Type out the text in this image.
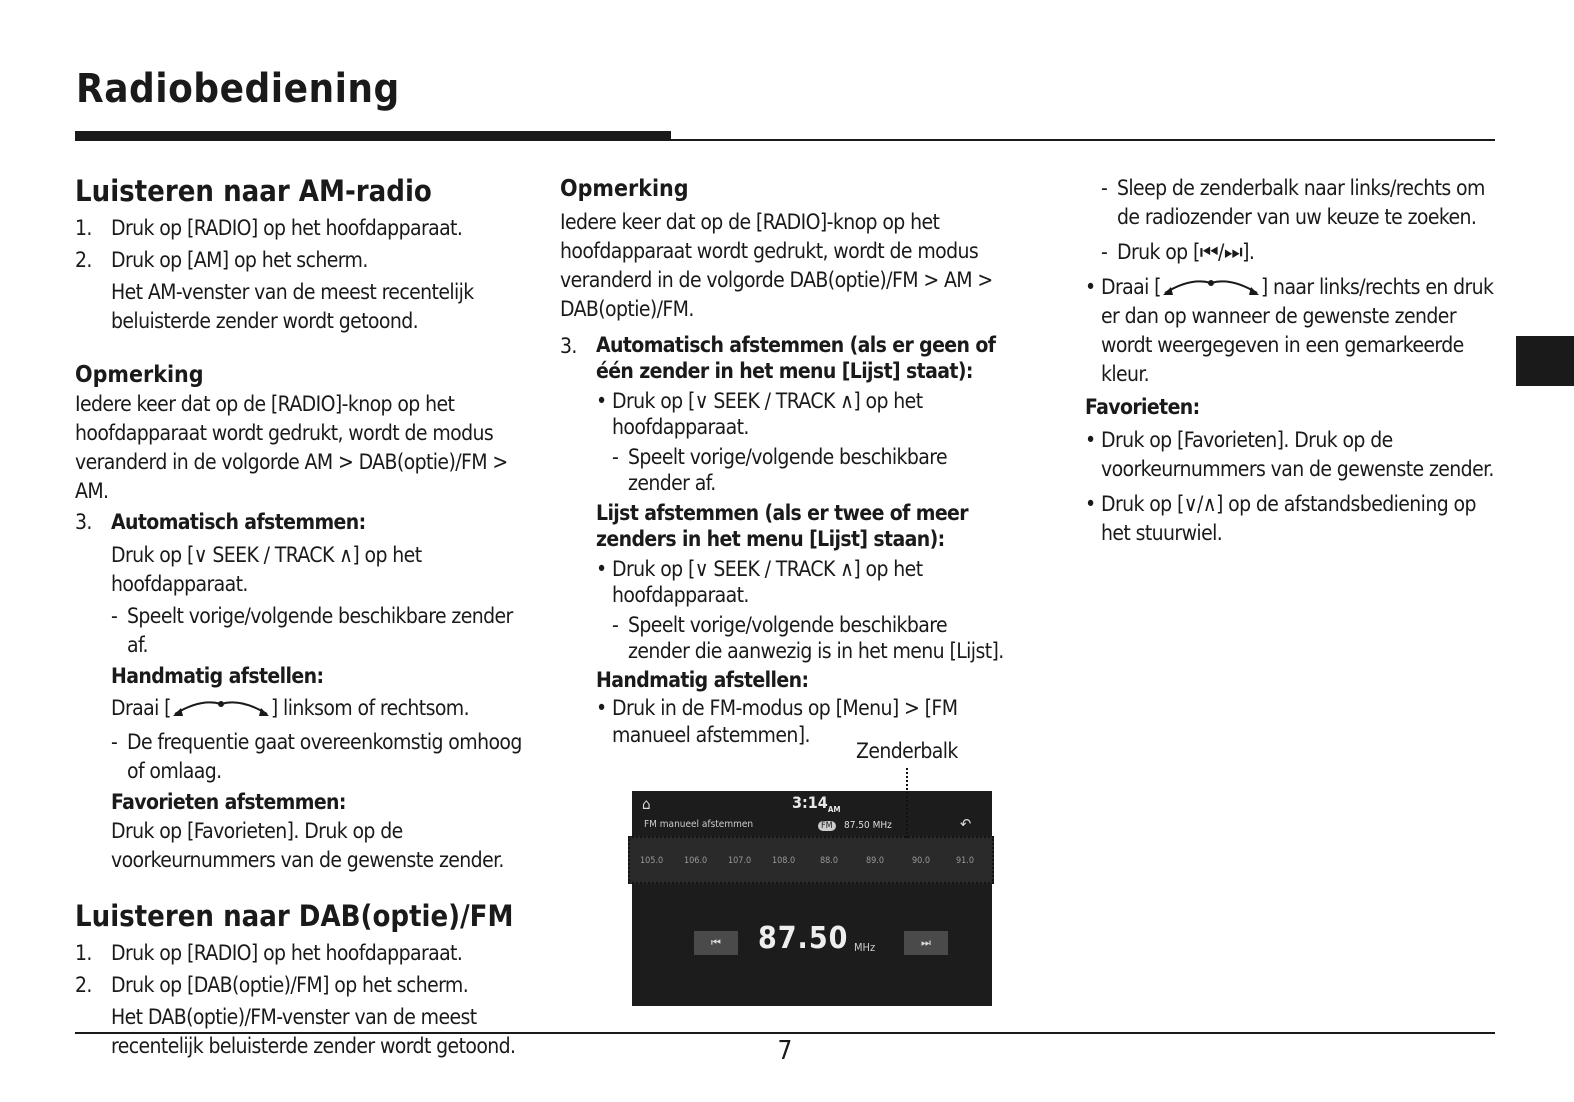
Radiobediening
Luisteren naar AM-radio
1. Druk op [RADIO] op het hoofdapparaat.
2. Druk op [AM] op het scherm.

Het AM-venster van de meest recentelijk beluisterde zender wordt getoond.

Opmerking

Iedere keer dat op de [RADIO]-knop op het hoofdapparaat wordt gedrukt, wordt de modus veranderd in de volgorde AM > DAB(optie)/FM > AM.

3. Automatisch afstemmen:

Druk op [∨ SEEK / TRACK ∧] op het hoofdapparaat.

- Speelt vorige/volgende beschikbare zender af.

Handmatig afstellen:

Draai [	] linksom of rechtsom.

- De frequentie gaat overeenkomstig omhoog of omlaag.

Favorieten afstemmen:

Druk op [Favorieten]. Druk op de voorkeurnummers van de gewenste zender.

Luisteren naar DAB(optie)/FM
1. Druk op [RADIO] op het hoofdapparaat.
2. Druk op [DAB(optie)/FM] op het scherm.

Het DAB(optie)/FM-venster van de meest recentelijk beluisterde zender wordt getoond.

Opmerking

Iedere keer dat op de [RADIO]-knop op het hoofdapparaat wordt gedrukt, wordt de modus veranderd in de volgorde DAB(optie)/FM > AM > DAB(optie)/FM.

3. Automatisch afstemmen (als er geen of één zender in het menu [Lijst] staat):
• Druk op [∨ SEEK / TRACK ∧] op het hoofdapparaat.
- Speelt vorige/volgende beschikbare zender af.

Lijst afstemmen (als er twee of meer zenders in het menu [Lijst] staan):

• Druk op [∨ SEEK / TRACK ∧] op het hoofdapparaat.
- Speelt vorige/volgende beschikbare zender die aanwezig is in het menu [Lijst].

Handmatig afstellen:

• Druk in de FM-modus op [Menu] > [FM manueel afstemmen].
Zenderbalk
⌂	$3:14_{AM}$
FM manueel afstemmen	FM	87.50 MHz	↶
105.0 106.0 107.0 108.0	88.0	89.0	90.0	91.0
⏮	87.50 MHz	⏭
- Sleep de zenderbalk naar links/rechts om de radiozender van uw keuze te zoeken.
- Druk op [⏮/⏭].
• Draai [	] naar links/rechts en druk er dan op wanneer de gewenste zender wordt weergegeven in een gemarkeerde kleur.

Favorieten:

• Druk op [Favorieten]. Druk op de voorkeurnummers van de gewenste zender.
• Druk op [∨/∧] op de afstandsbediening op het stuurwiel.
7
